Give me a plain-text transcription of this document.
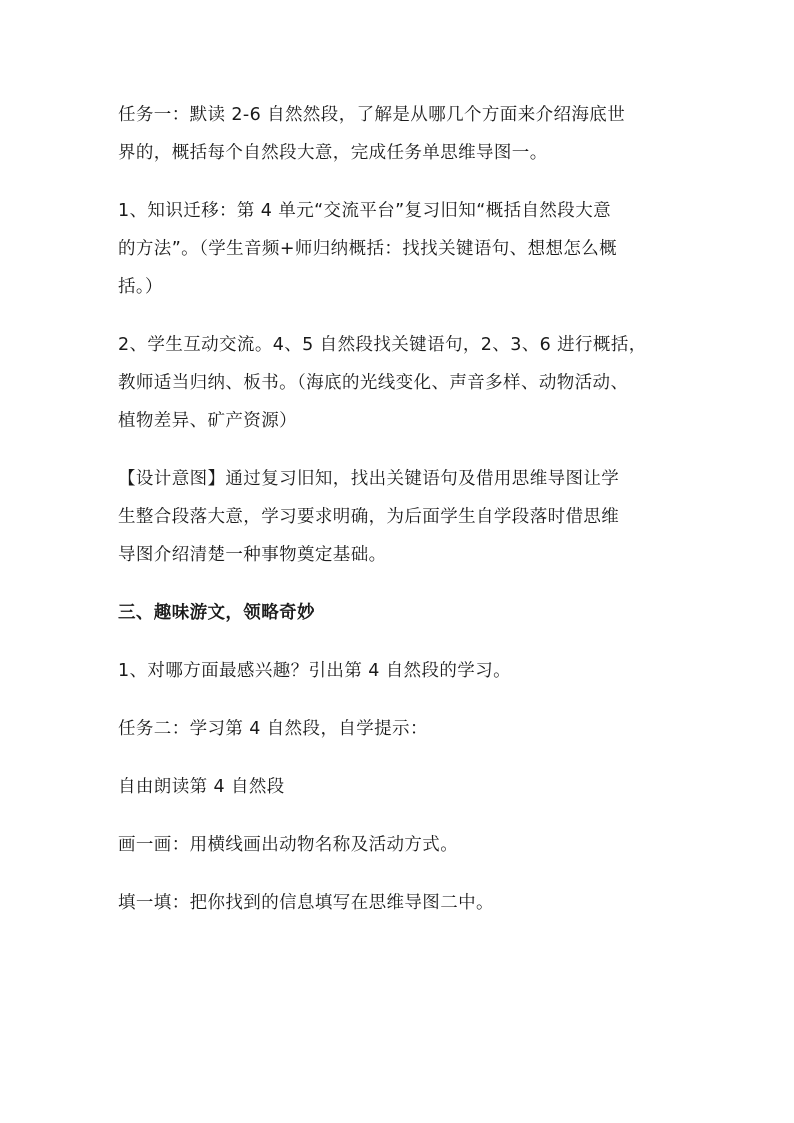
任务一：默读 2-6 自然然段，了解是从哪几个方面来介绍海底世
界的，概括每个自然段大意，完成任务单思维导图一。

1、知识迁移：第 4 单元“交流平台”复习旧知“概括自然段大意
的方法”。（学生音频+师归纳概括：找找关键语句、想想怎么概
括。）

2、学生互动交流。4、5 自然段找关键语句，2、3、6 进行概括，
教师适当归纳、板书。（海底的光线变化、声音多样、动物活动、
植物差异、矿产资源）

【设计意图】通过复习旧知，找出关键语句及借用思维导图让学
生整合段落大意，学习要求明确，为后面学生自学段落时借思维
导图介绍清楚一种事物奠定基础。

三、趣味游文，领略奇妙

1、对哪方面最感兴趣？引出第 4 自然段的学习。

任务二：学习第 4 自然段，自学提示：

自由朗读第 4 自然段

画一画：用横线画出动物名称及活动方式。

填一填：把你找到的信息填写在思维导图二中。
